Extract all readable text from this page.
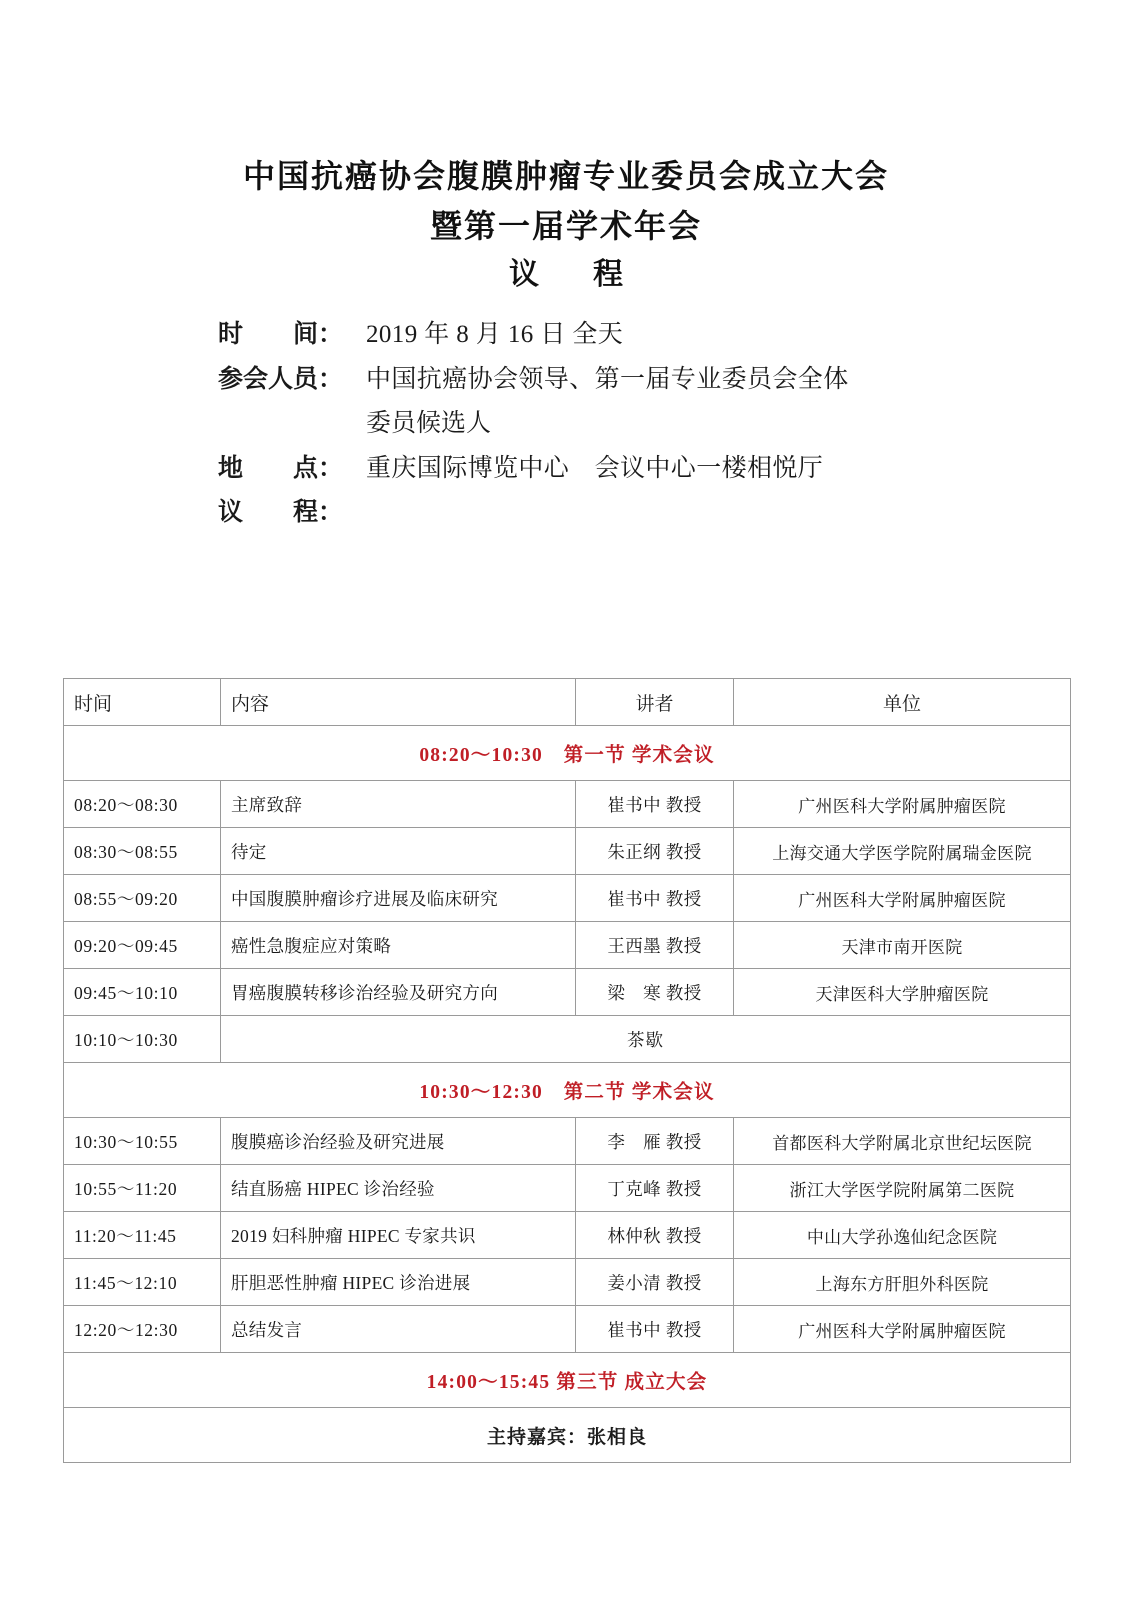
中国抗癌协会腹膜肿瘤专业委员会成立大会
暨第一届学术年会
议　程
时　　间： 2019 年 8 月 16 日 全天
参会人员： 中国抗癌协会领导、第一届专业委员会全体
委员候选人
地　　点： 重庆国际博览中心　会议中心一楼相悦厅
议　　程：
时间	内容	讲者	单位
08:20～10:30　第一节 学术会议			
08:20～08:30	主席致辞	崔书中 教授	广州医科大学附属肿瘤医院
08:30～08:55	待定	朱正纲 教授	上海交通大学医学院附属瑞金医院
08:55～09:20	中国腹膜肿瘤诊疗进展及临床研究	崔书中 教授	广州医科大学附属肿瘤医院
09:20～09:45	癌性急腹症应对策略	王西墨 教授	天津市南开医院
09:45～10:10	胃癌腹膜转移诊治经验及研究方向	梁　寒 教授	天津医科大学肿瘤医院
10:10～10:30	茶歇		
10:30～12:30　第二节 学术会议			
10:30～10:55	腹膜癌诊治经验及研究进展	李　雁 教授	首都医科大学附属北京世纪坛医院
10:55～11:20	结直肠癌 HIPEC 诊治经验	丁克峰 教授	浙江大学医学院附属第二医院
11:20～11:45	2019 妇科肿瘤 HIPEC 专家共识	林仲秋 教授	中山大学孙逸仙纪念医院
11:45～12:10	肝胆恶性肿瘤 HIPEC 诊治进展	姜小清 教授	上海东方肝胆外科医院
12:20～12:30	总结发言	崔书中 教授	广州医科大学附属肿瘤医院
14:00～15:45 第三节 成立大会			
主持嘉宾：张相良			
